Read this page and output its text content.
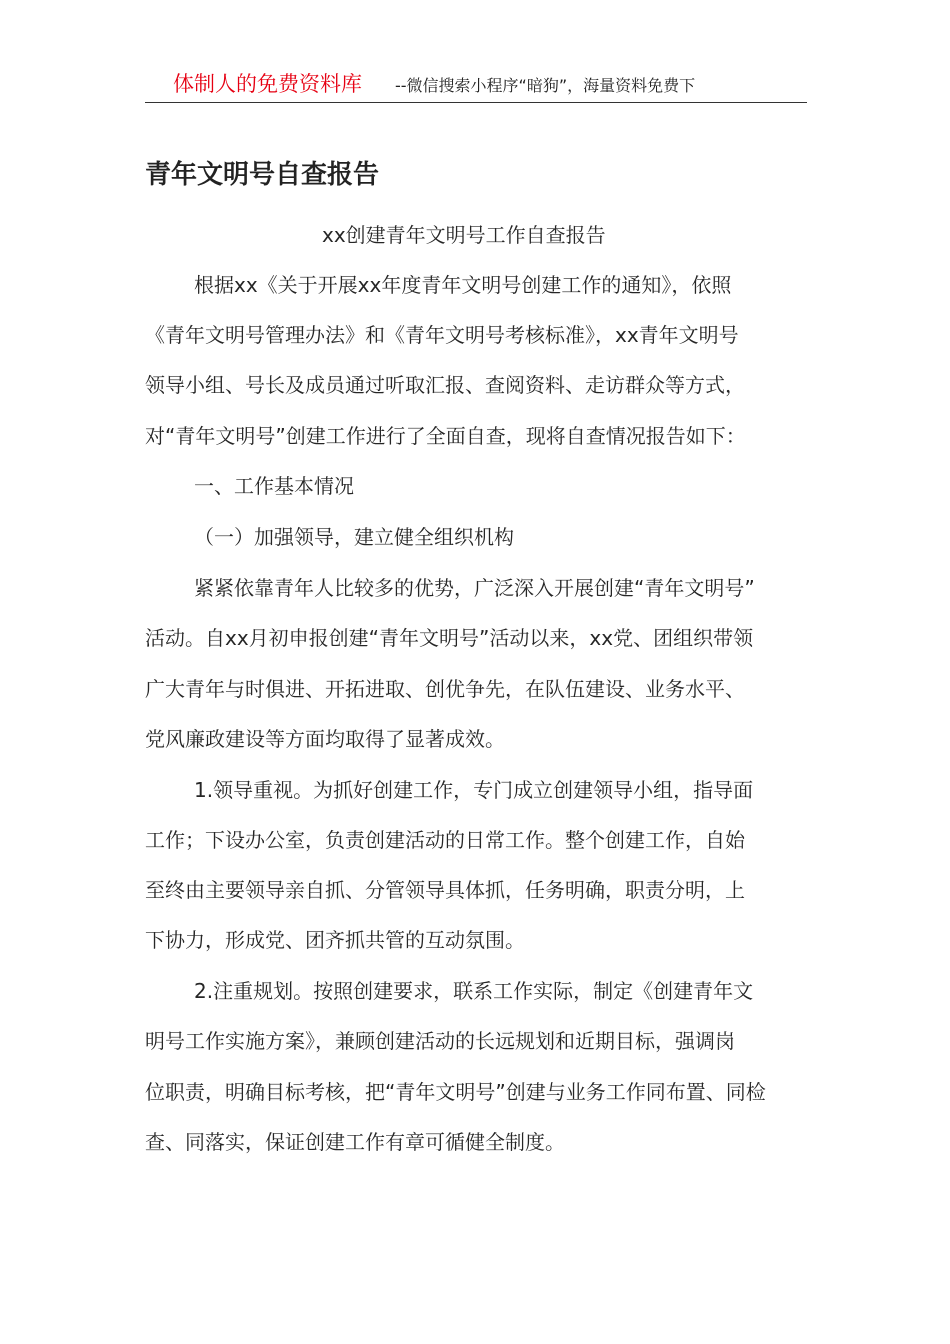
体制人的免费资料库 --微信搜索小程序“暗狗”，海量资料免费下
青年文明号自查报告

xx创建青年文明号工作自查报告

根据xx《关于开展xx年度青年文明号创建工作的通知》，依照

《青年文明号管理办法》和《青年文明号考核标准》，xx青年文明号

领导小组、号长及成员通过听取汇报、查阅资料、走访群众等方式，

对“青年文明号”创建工作进行了全面自查，现将自查情况报告如下：

一、工作基本情况

（一）加强领导，建立健全组织机构

紧紧依靠青年人比较多的优势，广泛深入开展创建“青年文明号”

活动。自xx月初申报创建“青年文明号”活动以来，xx党、团组织带领

广大青年与时俱进、开拓进取、创优争先，在队伍建设、业务水平、

党风廉政建设等方面均取得了显著成效。

1.领导重视。为抓好创建工作，专门成立创建领导小组，指导面

工作；下设办公室，负责创建活动的日常工作。整个创建工作，自始

至终由主要领导亲自抓、分管领导具体抓，任务明确，职责分明，上

下协力，形成党、团齐抓共管的互动氛围。

2.注重规划。按照创建要求，联系工作实际，制定《创建青年文

明号工作实施方案》，兼顾创建活动的长远规划和近期目标，强调岗

位职责，明确目标考核，把“青年文明号”创建与业务工作同布置、同检

查、同落实，保证创建工作有章可循健全制度。
